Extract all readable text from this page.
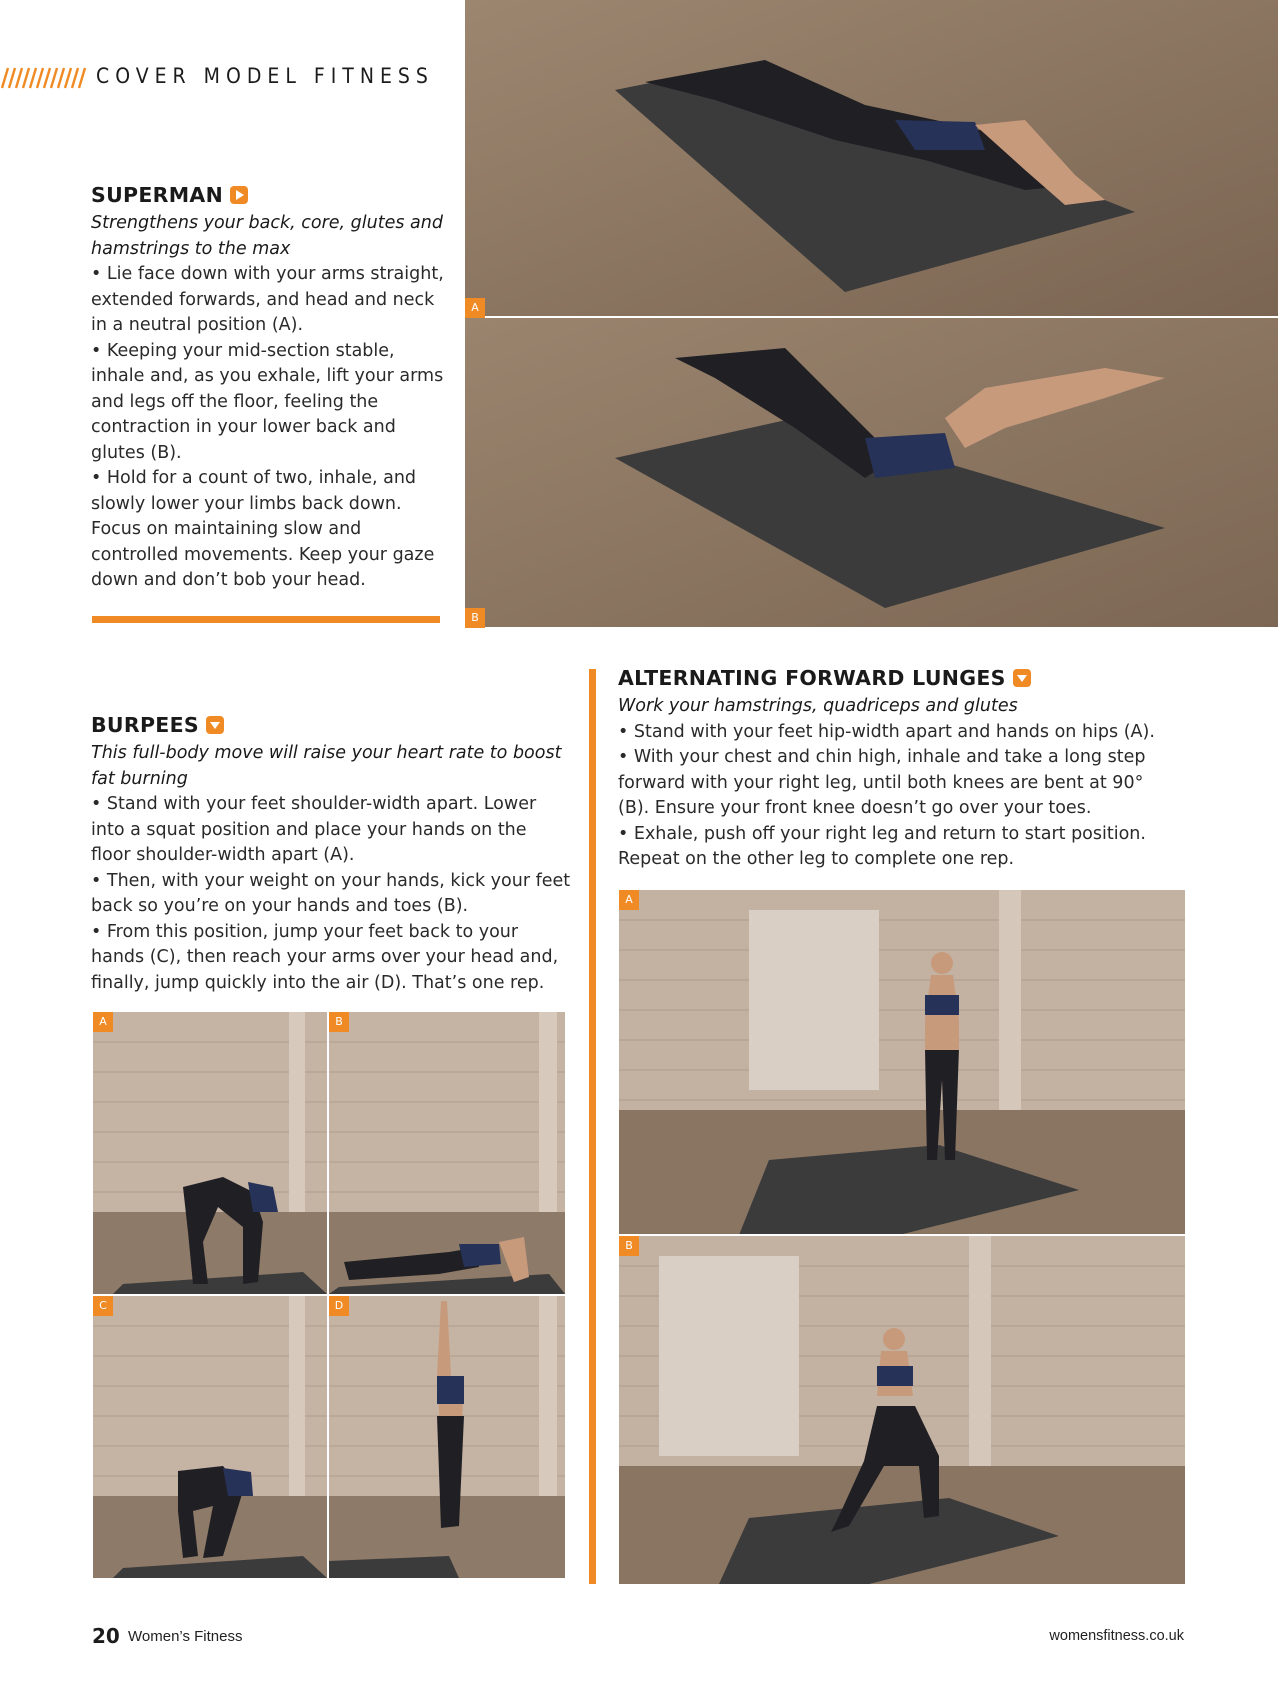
COVER MODEL FITNESS
SUPERMAN

Strengthens your back, core, glutes and hamstrings to the max

• Lie face down with your arms straight, extended forwards, and head and neck in a neutral position (A).

• Keeping your mid-section stable, inhale and, as you exhale, lift your arms and legs off the floor, feeling the contraction in your lower back and glutes (B).

• Hold for a count of two, inhale, and slowly lower your limbs back down. Focus on maintaining slow and controlled movements. Keep your gaze down and don’t bob your head.

A
B
BURPEES

This full-body move will raise your heart rate to boost fat burning

• Stand with your feet shoulder-width apart. Lower into a squat position and place your hands on the floor shoulder-width apart (A).

• Then, with your weight on your hands, kick your feet back so you’re on your hands and toes (B).

• From this position, jump your feet back to your hands (C), then reach your arms over your head and, finally, jump quickly into the air (D). That’s one rep.

A	B
C	D
ALTERNATING FORWARD LUNGES

Work your hamstrings, quadriceps and glutes

• Stand with your feet hip-width apart and hands on hips (A).

• With your chest and chin high, inhale and take a long step forward with your right leg, until both knees are bent at 90° (B). Ensure your front knee doesn’t go over your toes.

• Exhale, push off your right leg and return to start position. Repeat on the other leg to complete one rep.

A
B
20 Women’s Fitness	womensfitness.co.uk
